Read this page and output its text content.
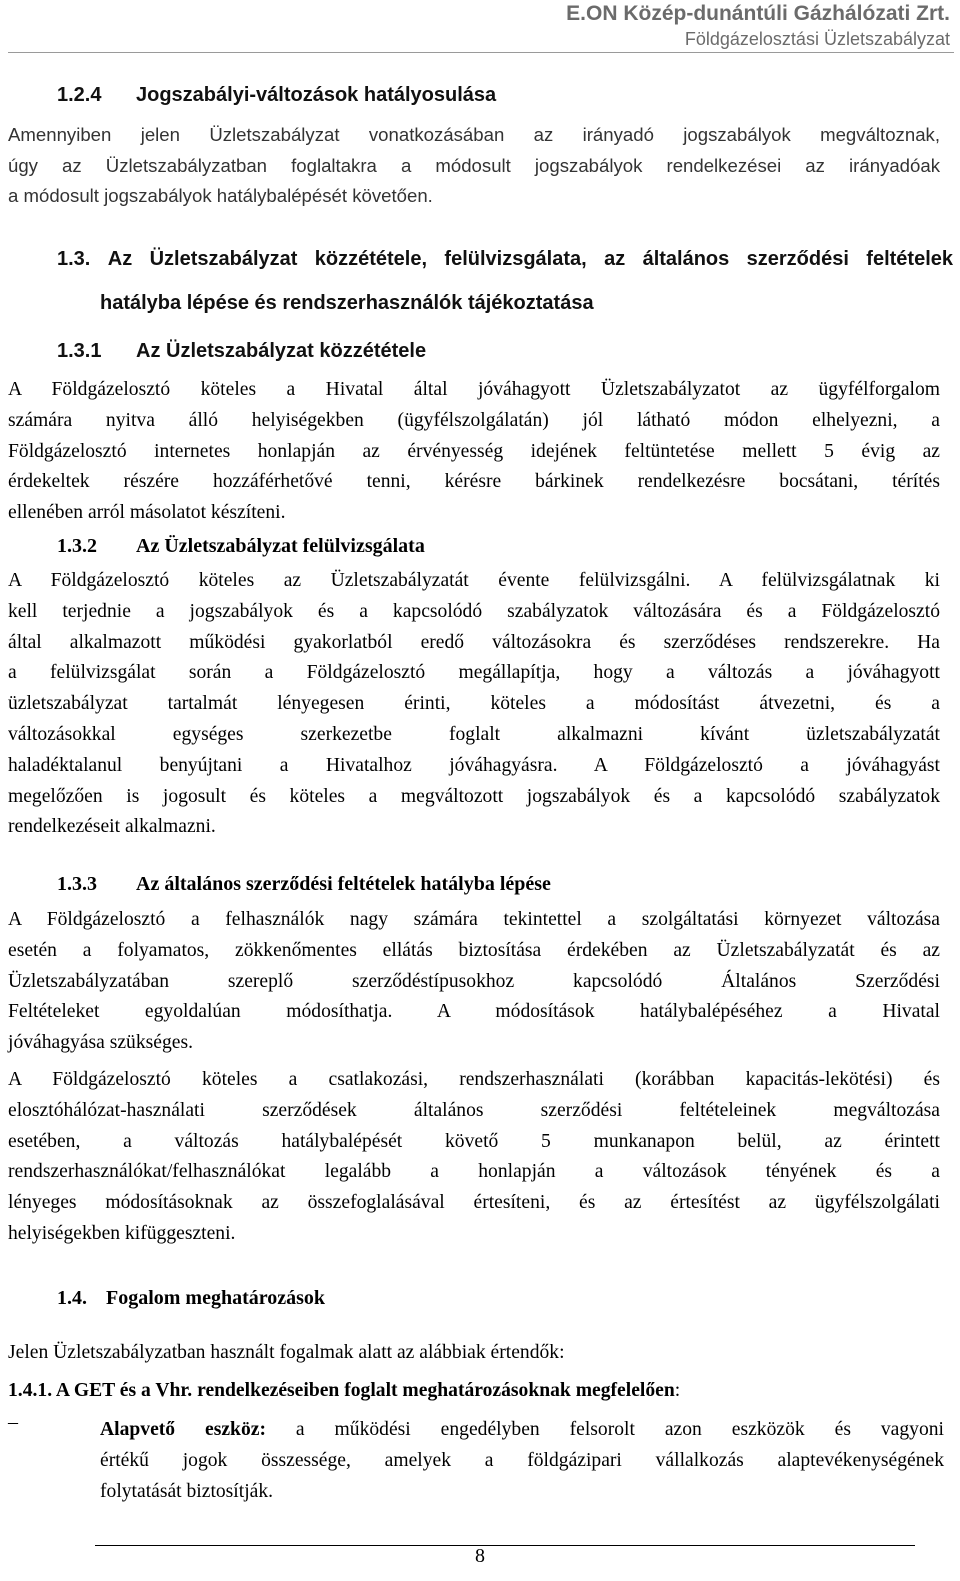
E.ON Közép-dunántúli Gázhálózati Zrt.
Földgázelosztási Üzletszabályzat
1.2.4 Jogszabályi-változások hatályosulása
Amennyiben jelen Üzletszabályzat vonatkozásában az irányadó jogszabályok megváltoznak,
úgy az Üzletszabályzatban foglaltakra a módosult jogszabályok rendelkezései az irányadóak
a módosult jogszabályok hatálybalépését követően.
1.3. Az Üzletszabályzat közzététele, felülvizsgálata, az általános szerződési feltételek
hatályba lépése és rendszerhasználók tájékoztatása
1.3.1 Az Üzletszabályzat közzététele
A Földgázelosztó köteles a Hivatal által jóváhagyott Üzletszabályzatot az ügyfélforgalom
számára nyitva álló helyiségekben (ügyfélszolgálatán) jól látható módon elhelyezni, a
Földgázelosztó internetes honlapján az érvényesség idejének feltüntetése mellett 5 évig az
érdekeltek részére hozzáférhetővé tenni, kérésre bárkinek rendelkezésre bocsátani, térítés
ellenében arról másolatot készíteni.
1.3.2 Az Üzletszabályzat felülvizsgálata
A Földgázelosztó köteles az Üzletszabályzatát évente felülvizsgálni. A felülvizsgálatnak ki
kell terjednie a jogszabályok és a kapcsolódó szabályzatok változására és a Földgázelosztó
által alkalmazott működési gyakorlatból eredő változásokra és szerződéses rendszerekre. Ha
a felülvizsgálat során a Földgázelosztó megállapítja, hogy a változás a jóváhagyott
üzletszabályzat tartalmát lényegesen érinti, köteles a módosítást átvezetni, és a
változásokkal egységes szerkezetbe foglalt alkalmazni kívánt üzletszabályzatát
haladéktalanul benyújtani a Hivatalhoz jóváhagyásra. A Földgázelosztó a jóváhagyást
megelőzően is jogosult és köteles a megváltozott jogszabályok és a kapcsolódó szabályzatok
rendelkezéseit alkalmazni.
1.3.3 Az általános szerződési feltételek hatályba lépése
A Földgázelosztó a felhasználók nagy számára tekintettel a szolgáltatási környezet változása
esetén a folyamatos, zökkenőmentes ellátás biztosítása érdekében az Üzletszabályzatát és az
Üzletszabályzatában szereplő szerződéstípusokhoz kapcsolódó Általános Szerződési
Feltételeket egyoldalúan módosíthatja. A módosítások hatálybalépéséhez a Hivatal
jóváhagyása szükséges.
A Földgázelosztó köteles a csatlakozási, rendszerhasználati (korábban kapacitás-lekötési) és
elosztóhálózat-használati szerződések általános szerződési feltételeinek megváltozása
esetében, a változás hatálybalépését követő 5 munkanapon belül, az érintett
rendszerhasználókat/felhasználókat legalább a honlapján a változások tényének és a
lényeges módosításoknak az összefoglalásával értesíteni, és az értesítést az ügyfélszolgálati
helyiségekben kifüggeszteni.
1.4. Fogalom meghatározások
Jelen Üzletszabályzatban használt fogalmak alatt az alábbiak értendők:
1.4.1. A GET és a Vhr. rendelkezéseiben foglalt meghatározásoknak megfelelően:
–	Alapvető eszköz: a működési engedélyben felsorolt azon eszközök és vagyoni
értékű jogok összessége, amelyek a földgázipari vállalkozás alaptevékenységének
folytatását biztosítják.
8
